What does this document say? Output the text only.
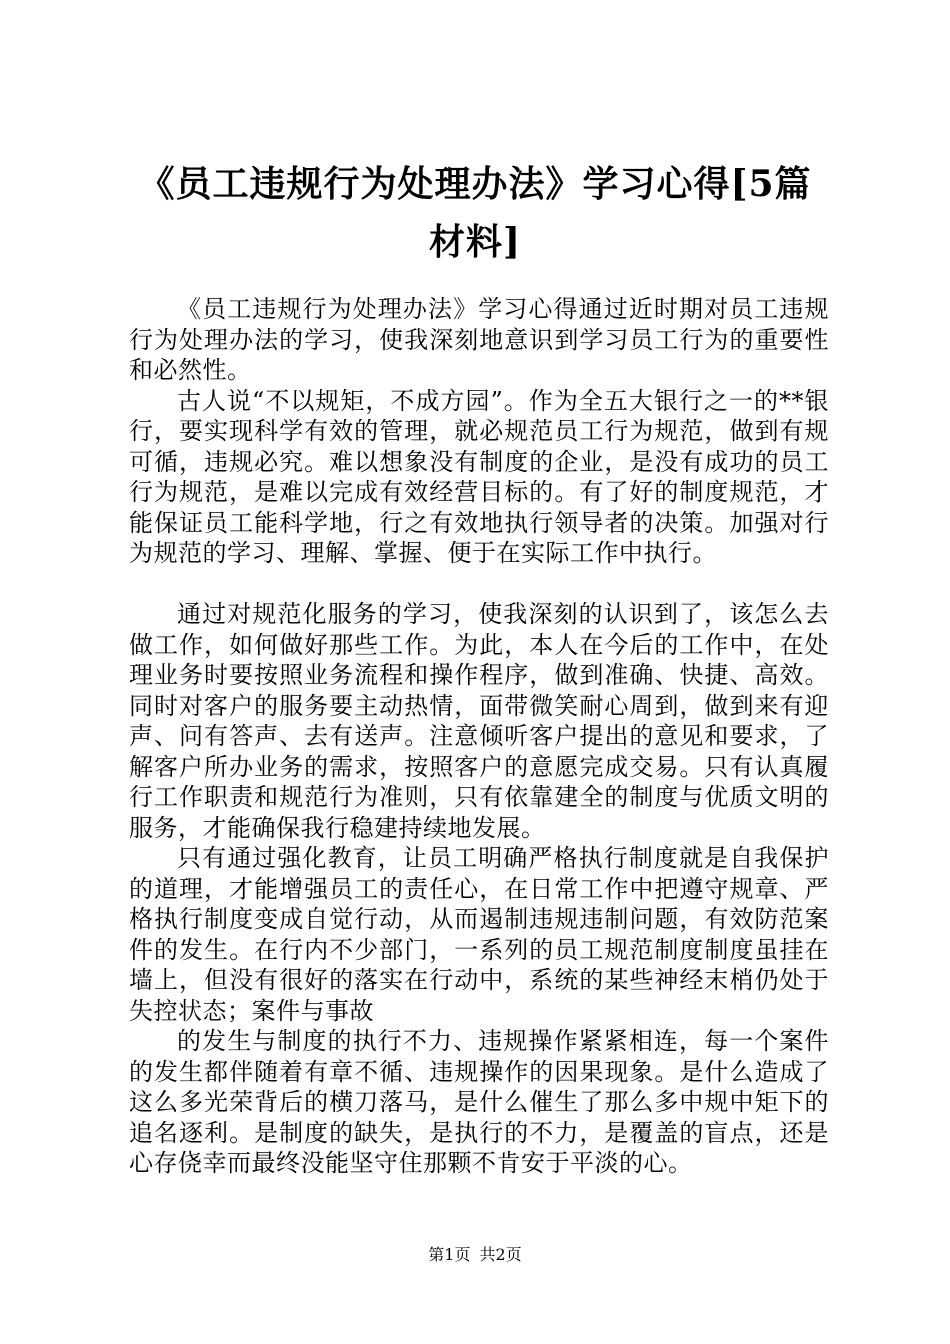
《员工违规行为处理办法》学习心得[5篇材料]

《员工违规行为处理办法》学习心得通过近时期对员工违规行为处理办法的学习，使我深刻地意识到学习员工行为的重要性和必然性。

古人说“不以规矩，不成方园”。作为全五大银行之一的**银行，要实现科学有效的管理，就必规范员工行为规范，做到有规可循，违规必究。难以想象没有制度的企业，是没有成功的员工行为规范，是难以完成有效经营目标的。有了好的制度规范，才能保证员工能科学地，行之有效地执行领导者的决策。加强对行为规范的学习、理解、掌握、便于在实际工作中执行。

通过对规范化服务的学习，使我深刻的认识到了，该怎么去做工作，如何做好那些工作。为此，本人在今后的工作中，在处理业务时要按照业务流程和操作程序，做到准确、快捷、高效。同时对客户的服务要主动热情，面带微笑耐心周到，做到来有迎声、问有答声、去有送声。注意倾听客户提出的意见和要求，了解客户所办业务的需求，按照客户的意愿完成交易。只有认真履行工作职责和规范行为准则，只有依靠建全的制度与优质文明的服务，才能确保我行稳建持续地发展。

只有通过强化教育，让员工明确严格执行制度就是自我保护的道理，才能增强员工的责任心，在日常工作中把遵守规章、严格执行制度变成自觉行动，从而遏制违规违制问题，有效防范案件的发生。在行内不少部门，一系列的员工规范制度制度虽挂在墙上，但没有很好的落实在行动中，系统的某些神经末梢仍处于失控状态；案件与事故

的发生与制度的执行不力、违规操作紧紧相连，每一个案件的发生都伴随着有章不循、违规操作的因果现象。是什么造成了这么多光荣背后的横刀落马，是什么催生了那么多中规中矩下的追名逐利。是制度的缺失，是执行的不力，是覆盖的盲点，还是心存侥幸而最终没能坚守住那颗不肯安于平淡的心。

第1页 共2页
